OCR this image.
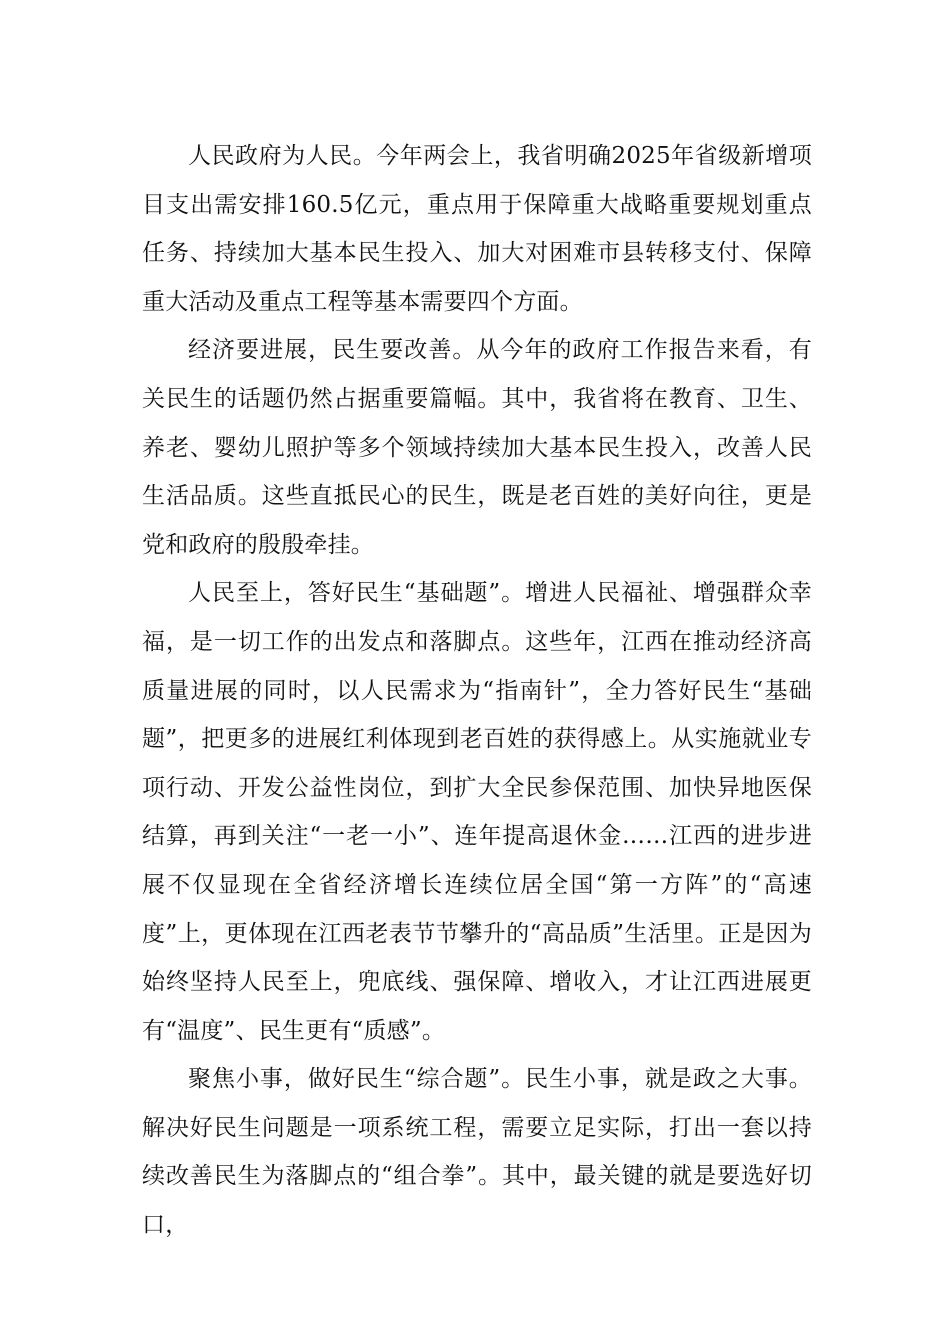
人民政府为人民。今年两会上，我省明确2025年省级新增项目支出需安排160.5亿元，重点用于保障重大战略重要规划重点任务、持续加大基本民生投入、加大对困难市县转移支付、保障重大活动及重点工程等基本需要四个方面。

经济要进展，民生要改善。从今年的政府工作报告来看，有关民生的话题仍然占据重要篇幅。其中，我省将在教育、卫生、养老、婴幼儿照护等多个领域持续加大基本民生投入，改善人民生活品质。这些直抵民心的民生，既是老百姓的美好向往，更是党和政府的殷殷牵挂。

人民至上，答好民生“基础题”。增进人民福祉、增强群众幸福，是一切工作的出发点和落脚点。这些年，江西在推动经济高质量进展的同时，以人民需求为“指南针”，全力答好民生“基础题”，把更多的进展红利体现到老百姓的获得感上。从实施就业专项行动、开发公益性岗位，到扩大全民参保范围、加快异地医保结算，再到关注“一老一小”、连年提高退休金……江西的进步进展不仅显现在全省经济增长连续位居全国“第一方阵”的“高速度”上，更体现在江西老表节节攀升的“高品质”生活里。正是因为始终坚持人民至上，兜底线、强保障、增收入，才让江西进展更有“温度”、民生更有“质感”。

聚焦小事，做好民生“综合题”。民生小事，就是政之大事。解决好民生问题是一项系统工程，需要立足实际，打出一套以持续改善民生为落脚点的“组合拳”。其中，最关键的就是要选好切口，
